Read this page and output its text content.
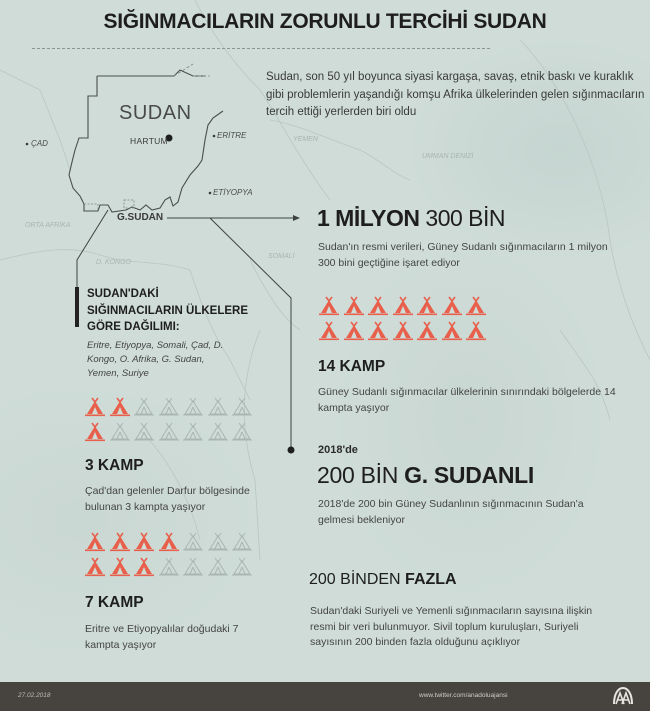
SIĞINMACILARIN ZORUNLU TERCİHİ SUDAN
Sudan, son 50 yıl boyunca siyasi kargaşa, savaş, etnik baskı ve kuraklık gibi problemlerin yaşandığı komşu Afrika ülkelerinden gelen sığınmacıların tercih ettiği yerlerden biri oldu
SUDAN
HARTUM
ÇAD
ERİTRE
ETİYOPYA
YEMEN
UMMAN DENİZİ
ORTA AFRİKA
D. KONGO
SOMALİ
G.SUDAN	1 MİLYON 300 BİN
Sudan'ın resmi verileri, Güney Sudanlı sığınmacıların 1 milyon 300 bini geçtiğine işaret ediyor
14 KAMP
Güney Sudanlı sığınmacılar ülkelerinin sınırındaki bölgelerde 14 kampta yaşıyor
SUDAN'DAKİ
SIĞINMACILARIN ÜLKELERE
GÖRE DAĞILIMI:
Eritre, Etiyopya, Somali, Çad, D. Kongo, O. Afrika, G. Sudan, Yemen, Suriye
3 KAMP
Çad'dan gelenler Darfur bölgesinde bulunan 3 kampta yaşıyor
2018'de
200 BİN G. SUDANLI
2018'de 200 bin Güney Sudanlının sığınmacının Sudan'a gelmesi bekleniyor
7 KAMP
Eritre ve Etiyopyalılar doğudaki 7 kampta yaşıyor
200 BİNDEN FAZLA
Sudan'daki Suriyeli ve Yemenli sığınmacıların sayısına ilişkin resmi bir veri bulunmuyor. Sivil toplum kuruluşları, Suriyeli sayısının 200 binden fazla olduğunu açıklıyor
27.02.2018	www.twitter.com/anadoluajansi
